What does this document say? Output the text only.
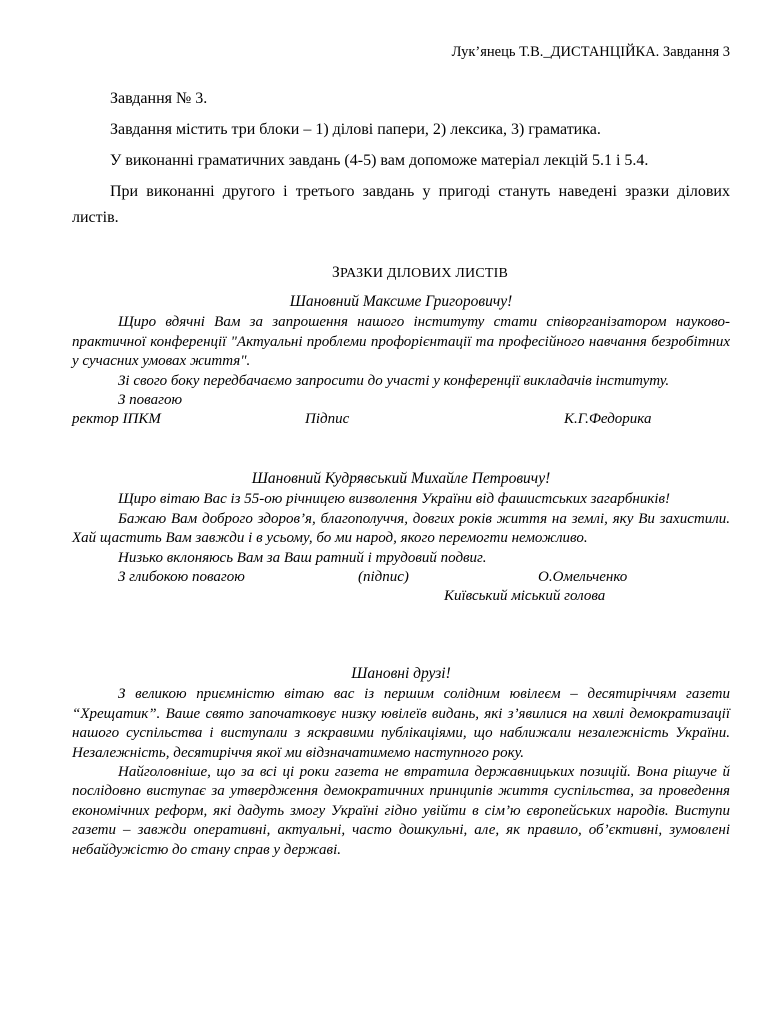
Лук’янець Т.В._ДИСТАНЦІЙКА. Завдання 3

Завдання № 3.

Завдання містить три блоки – 1) ділові папери, 2) лексика, 3) граматика.

У виконанні граматичних завдань (4-5) вам допоможе матеріал лекцій 5.1 і 5.4.

При виконанні другого і третього завдань у пригоді стануть наведені зразки ділових листів.

ЗРАЗКИ ДІЛОВИХ ЛИСТІВ
Шановний Максиме Григоровичу!

Щиро вдячні Вам за запрошення нашого інституту стати співорганізатором науково-практичної конференції "Актуальні проблеми профорієнтації та професійного навчання безробітних у сучасних умовах життя".

Зі свого боку передбачаємо запросити до участі у конференції викладачів інституту.

З повагою
ректор ІПКМ	Підпис	К.Г.Федорика
Шановний Кудрявський Михайле Петровичу!

Щиро вітаю Вас із 55-ою річницею визволення України від фашистських загарбників!

Бажаю Вам доброго здоров’я, благополуччя, довгих років життя на землі, яку Ви захистили. Хай щастить Вам завжди і в усьому, бо ми народ, якого перемогти неможливо.

Низько вклоняюсь Вам за Ваш ратний і трудовий подвиг.

З глибокою повагою	(підпис)	О.Омельченко
Київський міський голова
Шановні друзі!

З великою приємністю вітаю вас із першим солідним ювілеєм – десятиріччям газети “Хрещатик”. Ваше свято започатковує низку ювілеїв видань, які з’явилися на хвилі демократизації нашого суспільства і виступали з яскравими публікаціями, що наближали незалежність України. Незалежність, десятиріччя якої ми відзначатимемо наступного року.

Найголовніше, що за всі ці роки газета не втратила державницьких позицій. Вона рішуче й послідовно виступає за утвердження демократичних принципів життя суспільства, за проведення економічних реформ, які дадуть змогу Україні гідно увійти в сім’ю європейських народів. Виступи газети – завжди оперативні, актуальні, часто дошкульні, але, як правило, об’єктивні, зумовлені небайдужістю до стану справ у державі.
